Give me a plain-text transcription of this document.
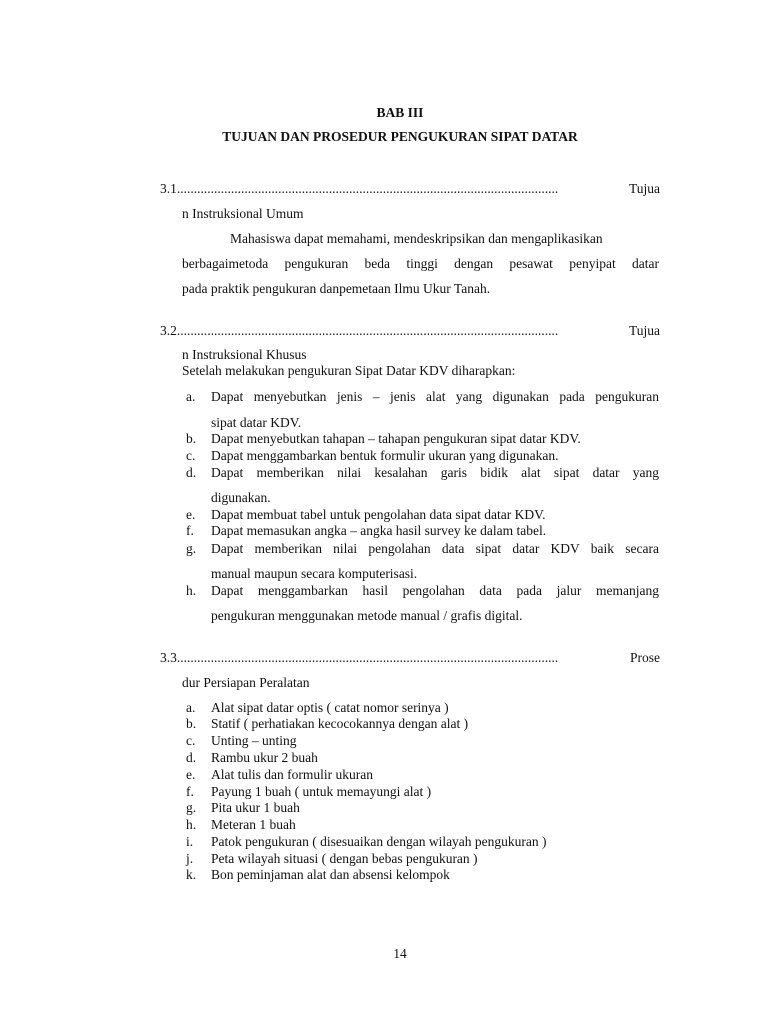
BAB III
TUJUAN DAN PROSEDUR PENGUKURAN SIPAT DATAR
Tujua
3.1.................................................................................................................
n Instruksional Umum
Mahasiswa dapat memahami, mendeskripsikan dan mengaplikasikan
berbagaimetoda pengukuran beda tinggi dengan pesawat penyipat datar
pada praktik pengukuran danpemetaan Ilmu Ukur Tanah.
Tujua
3.2.................................................................................................................
n Instruksional Khusus
Setelah melakukan pengukuran Sipat Datar KDV diharapkan:
a. Dapat menyebutkan jenis – jenis alat yang digunakan pada pengukuran
sipat datar KDV.
b. Dapat menyebutkan tahapan – tahapan pengukuran sipat datar KDV.
c. Dapat menggambarkan bentuk formulir ukuran yang digunakan.
d. Dapat memberikan nilai kesalahan garis bidik alat sipat datar yang
digunakan.
e. Dapat membuat tabel untuk pengolahan data sipat datar KDV.
f. Dapat memasukan angka – angka hasil survey ke dalam tabel.
g. Dapat memberikan nilai pengolahan data sipat datar KDV baik secara
manual maupun secara komputerisasi.
h. Dapat menggambarkan hasil pengolahan data pada jalur memanjang
pengukuran menggunakan metode manual / grafis digital.
Prose
3.3.................................................................................................................
dur Persiapan Peralatan
a. Alat sipat datar optis ( catat nomor serinya )
b. Statif ( perhatiakan kecocokannya dengan alat )
c. Unting – unting
d. Rambu ukur 2 buah
e. Alat tulis dan formulir ukuran
f. Payung 1 buah ( untuk memayungi alat )
g. Pita ukur 1 buah
h. Meteran 1 buah
i. Patok pengukuran ( disesuaikan dengan wilayah pengukuran )
j. Peta wilayah situasi ( dengan bebas pengukuran )
k. Bon peminjaman alat dan absensi kelompok
14
